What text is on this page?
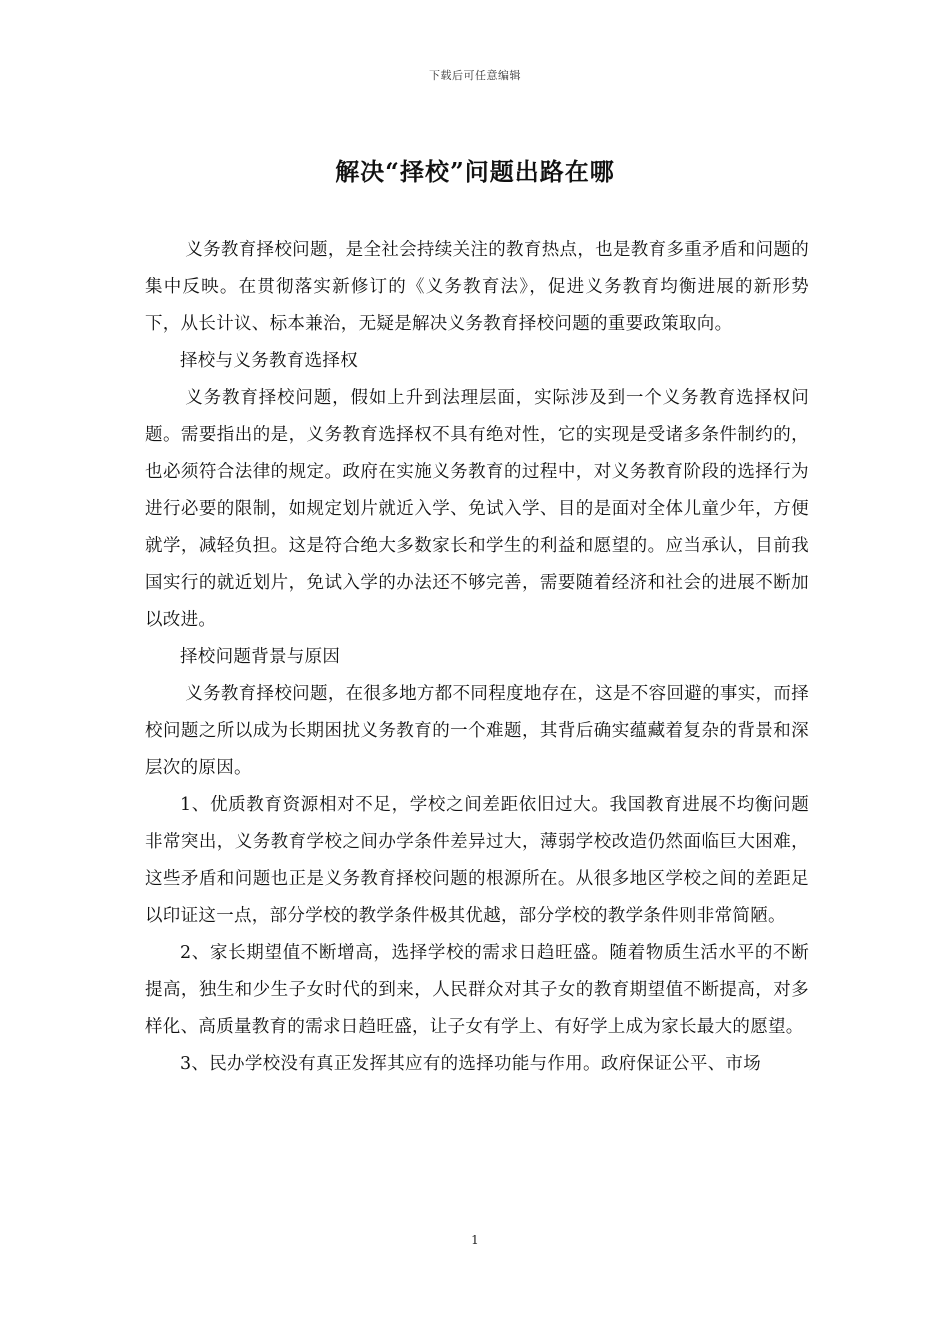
下载后可任意编辑
解决“择校”问题出路在哪

义务教育择校问题，是全社会持续关注的教育热点，也是教育多重矛盾和问题的集中反映。在贯彻落实新修订的《义务教育法》，促进义务教育均衡进展的新形势下，从长计议、标本兼治，无疑是解决义务教育择校问题的重要政策取向。

择校与义务教育选择权

义务教育择校问题，假如上升到法理层面，实际涉及到一个义务教育选择权问题。需要指出的是，义务教育选择权不具有绝对性，它的实现是受诸多条件制约的，也必须符合法律的规定。政府在实施义务教育的过程中，对义务教育阶段的选择行为进行必要的限制，如规定划片就近入学、免试入学、目的是面对全体儿童少年，方便就学，减轻负担。这是符合绝大多数家长和学生的利益和愿望的。应当承认，目前我国实行的就近划片，免试入学的办法还不够完善，需要随着经济和社会的进展不断加以改进。

择校问题背景与原因

义务教育择校问题，在很多地方都不同程度地存在，这是不容回避的事实，而择校问题之所以成为长期困扰义务教育的一个难题，其背后确实蕴藏着复杂的背景和深层次的原因。

1、优质教育资源相对不足，学校之间差距依旧过大。我国教育进展不均衡问题非常突出，义务教育学校之间办学条件差异过大，薄弱学校改造仍然面临巨大困难，这些矛盾和问题也正是义务教育择校问题的根源所在。从很多地区学校之间的差距足以印证这一点，部分学校的教学条件极其优越，部分学校的教学条件则非常简陋。

2、家长期望值不断增高，选择学校的需求日趋旺盛。随着物质生活水平的不断提高，独生和少生子女时代的到来，人民群众对其子女的教育期望值不断提高，对多样化、高质量教育的需求日趋旺盛，让子女有学上、有好学上成为家长最大的愿望。

3、民办学校没有真正发挥其应有的选择功能与作用。政府保证公平、市场

1
